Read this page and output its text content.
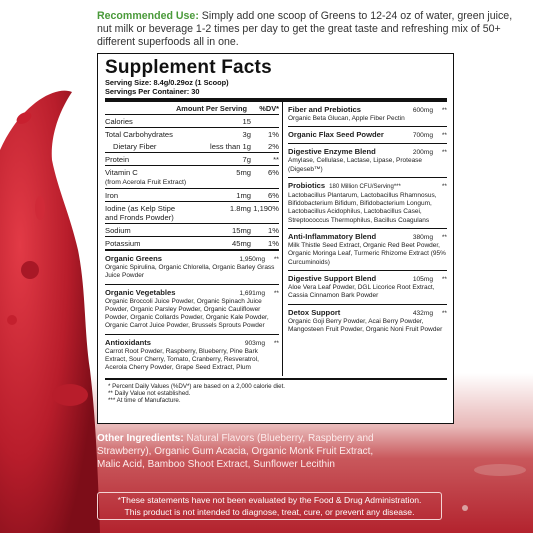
Recommended Use: Simply add one scoop of Greens to 12-24 oz of water, green juice, nut milk or beverage 1-2 times per day to get the great taste and refreshing mix of 50+ different superfoods all in one.
Supplement Facts
Serving Size: 8.4g/0.29oz (1 Scoop)
Servings Per Container: 30
Amount Per Serving	%DV*
Calories	15
Total Carbohydrates	3g	1%
Dietary Fiber	less than 1g	2%
Protein	7g	**
Vitamin C
(from Acerola Fruit Extract)
5mg	6%
Iron	1mg	6%
Iodine (as Kelp Stipe
and Fronds Powder)
1.8mg 1,190%
Sodium	15mg	1%
Potassium	45mg	1%
Organic Greens	1,950mg	**
Organic Spirulina, Organic Chlorella, Organic Barley Grass Juice Powder
Organic Vegetables	1,691mg	**
Organic Broccoli Juice Powder, Organic Spinach Juice Powder, Organic Parsley Powder, Organic Cauliflower Powder, Organic Collards Powder, Organic Kale Powder, Organic Carrot Juice Powder, Brussels Sprouts Powder
Antioxidants	903mg	**
Carrot Root Powder, Raspberry, Blueberry, Pine Bark Extract, Sour Cherry, Tomato, Cranberry, Resveratrol, Acerola Cherry Powder, Grape Seed Extract, Plum
Fiber and Prebiotics	600mg	**
Organic Beta Glucan, Apple Fiber Pectin
Organic Flax Seed Powder	700mg	**
Digestive Enzyme Blend	200mg	**
Amylase, Cellulase, Lactase, Lipase, Protease (Digeseb™)
Probiotics 180 Million CFU/Serving***	**
Lactobacillus Plantarum, Lactobacillus Rhamnosus, Bifidobacterium Bifidum, Bifidobacterium Longum, Lactobacillus Acidophilus, Lactobacillus Casei, Streptococcus Thermophilus, Bacillus Coagulans
Anti-Inflammatory Blend	380mg	**
Milk Thistle Seed Extract, Organic Red Beet Powder, Organic Moringa Leaf, Turmeric Rhizome Extract (95% Curcuminoids)
Digestive Support Blend	105mg	**
Aloe Vera Leaf Powder, DGL Licorice Root Extract, Cassia Cinnamon Bark Powder
Detox Support	432mg	**
Organic Goji Berry Powder, Acai Berry Powder, Mangosteen Fruit Powder, Organic Noni Fruit Powder
* Percent Daily Values (%DV*) are based on a 2,000 calorie diet.
** Daily Value not established.
*** At time of Manufacture.
Other Ingredients: Natural Flavors (Blueberry, Raspberry and Strawberry), Organic Gum Acacia, Organic Monk Fruit Extract, Malic Acid, Bamboo Shoot Extract, Sunflower Lecithin
*These statements have not been evaluated by the Food & Drug Administration.
This product is not intended to diagnose, treat, cure, or prevent any disease.
